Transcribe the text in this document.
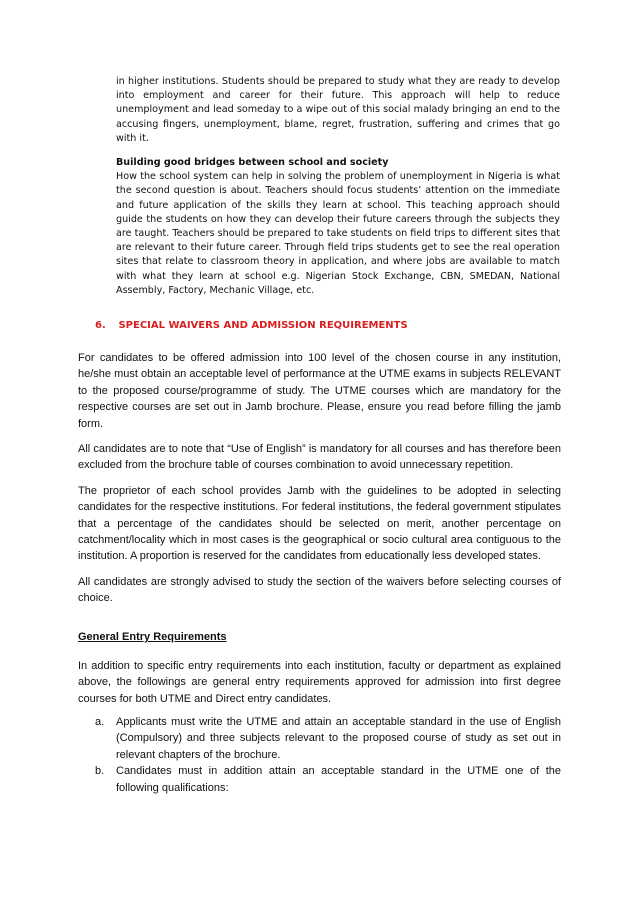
in higher institutions. Students should be prepared to study what they are ready to develop into employment and career for their future. This approach will help to reduce unemployment and lead someday to a wipe out of this social malady bringing an end to the accusing fingers, unemployment, blame, regret, frustration, suffering and crimes that go with it.

Building good bridges between school and society

How the school system can help in solving the problem of unemployment in Nigeria is what the second question is about. Teachers should focus students’ attention on the immediate and future application of the skills they learn at school. This teaching approach should guide the students on how they can develop their future careers through the subjects they are taught. Teachers should be prepared to take students on field trips to different sites that are relevant to their future career. Through field trips students get to see the real operation sites that relate to classroom theory in application, and where jobs are available to match with what they learn at school e.g. Nigerian Stock Exchange, CBN, SMEDAN, National Assembly, Factory, Mechanic Village, etc.

6. SPECIAL WAIVERS AND ADMISSION REQUIREMENTS

For candidates to be offered admission into 100 level of the chosen course in any institution, he/she must obtain an acceptable level of performance at the UTME exams in subjects RELEVANT to the proposed course/programme of study. The UTME courses which are mandatory for the respective courses are set out in Jamb brochure. Please, ensure you read before filling the jamb form.

All candidates are to note that “Use of English” is mandatory for all courses and has therefore been excluded from the brochure table of courses combination to avoid unnecessary repetition.

The proprietor of each school provides Jamb with the guidelines to be adopted in selecting candidates for the respective institutions. For federal institutions, the federal government stipulates that a percentage of the candidates should be selected on merit, another percentage on catchment/locality which in most cases is the geographical or socio cultural area contiguous to the institution. A proportion is reserved for the candidates from educationally less developed states.

All candidates are strongly advised to study the section of the waivers before selecting courses of choice.

General Entry Requirements

In addition to specific entry requirements into each institution, faculty or department as explained above, the followings are general entry requirements approved for admission into first degree courses for both UTME and Direct entry candidates.

a. Applicants must write the UTME and attain an acceptable standard in the use of English (Compulsory) and three subjects relevant to the proposed course of study as set out in relevant chapters of the brochure.

b. Candidates must in addition attain an acceptable standard in the UTME one of the following qualifications:
